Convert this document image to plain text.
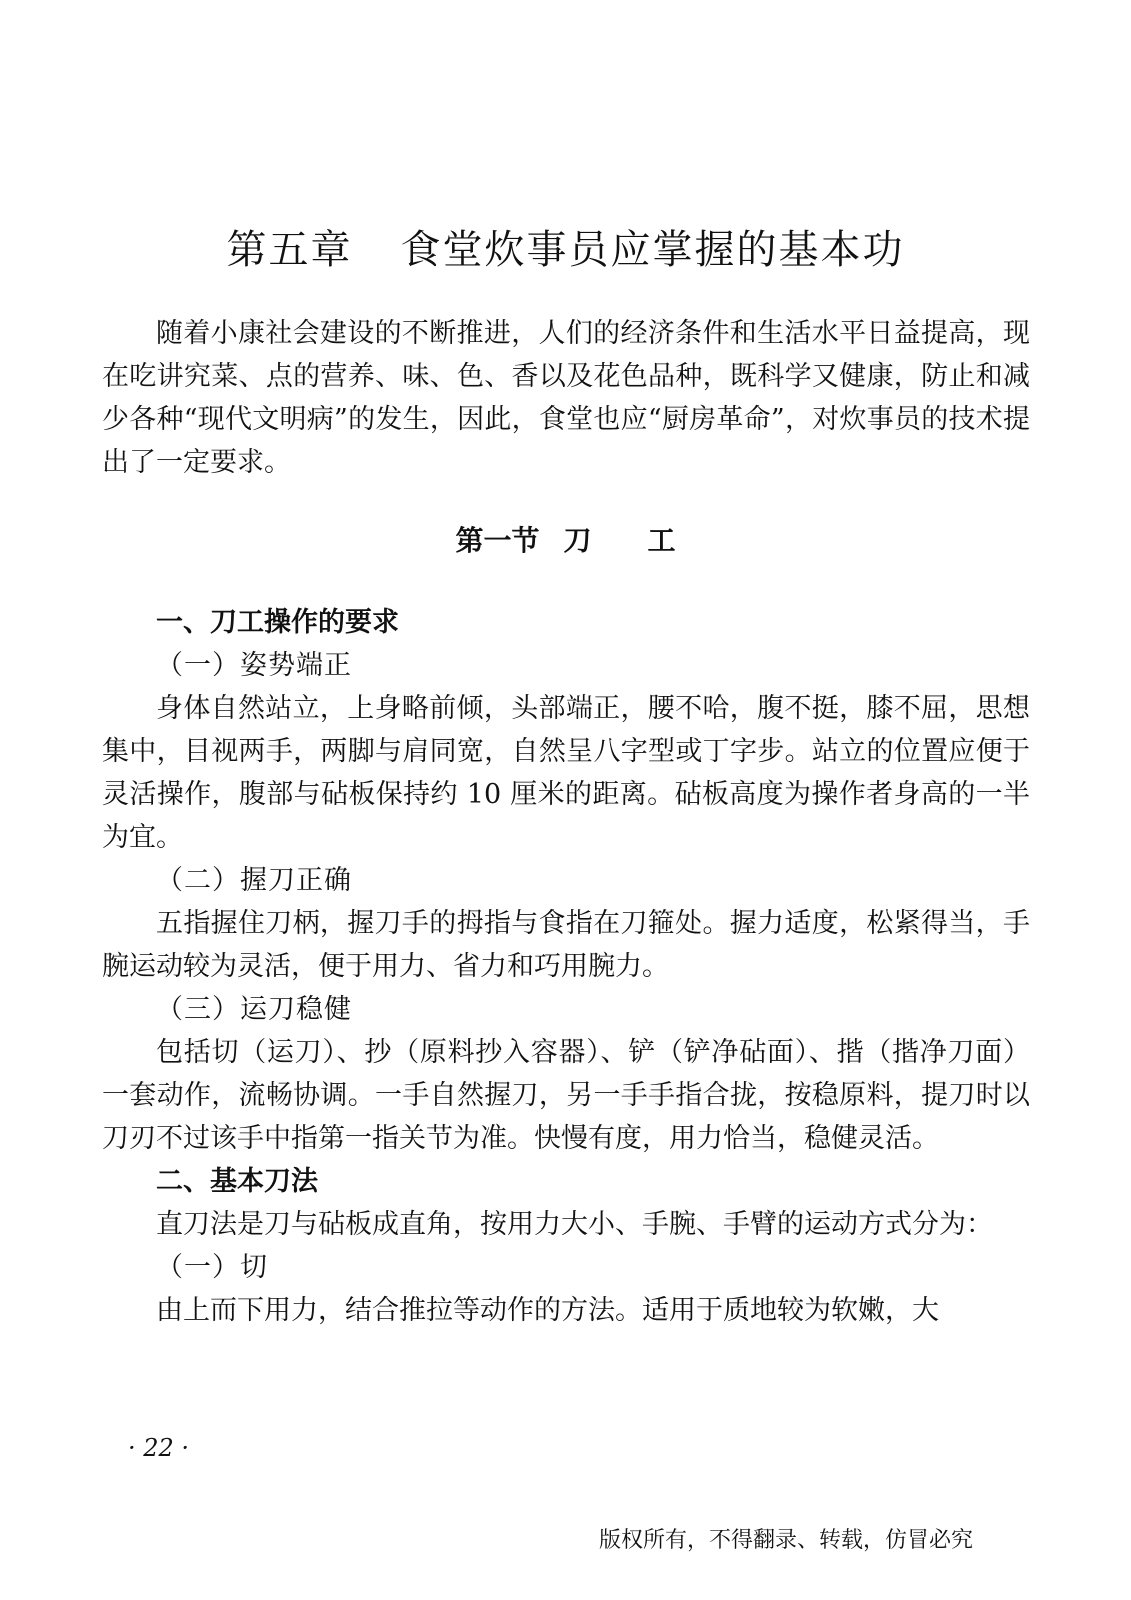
第五章 食堂炊事员应掌握的基本功

随着小康社会建设的不断推进，人们的经济条件和生活水平日益提高，现在吃讲究菜、点的营养、味、色、香以及花色品种，既科学又健康，防止和减少各种“现代文明病”的发生，因此，食堂也应“厨房革命”，对炊事员的技术提出了一定要求。

第一节 刀 工

一、刀工操作的要求

（一）姿势端正

身体自然站立，上身略前倾，头部端正，腰不哈，腹不挺，膝不屈，思想集中，目视两手，两脚与肩同宽，自然呈八字型或丁字步。站立的位置应便于灵活操作，腹部与砧板保持约 10 厘米的距离。砧板高度为操作者身高的一半为宜。

（二）握刀正确

五指握住刀柄，握刀手的拇指与食指在刀箍处。握力适度，松紧得当，手腕运动较为灵活，便于用力、省力和巧用腕力。

（三）运刀稳健

包括切（运刀）、抄（原料抄入容器）、铲（铲净砧面）、揩（揩净刀面）一套动作，流畅协调。一手自然握刀，另一手手指合拢，按稳原料，提刀时以刀刃不过该手中指第一指关节为准。快慢有度，用力恰当，稳健灵活。

二、基本刀法

直刀法是刀与砧板成直角，按用力大小、手腕、手臂的运动方式分为：

（一）切

由上而下用力，结合推拉等动作的方法。适用于质地较为软嫩，大

· 22 ·
版权所有，不得翻录、转载，仿冒必究
